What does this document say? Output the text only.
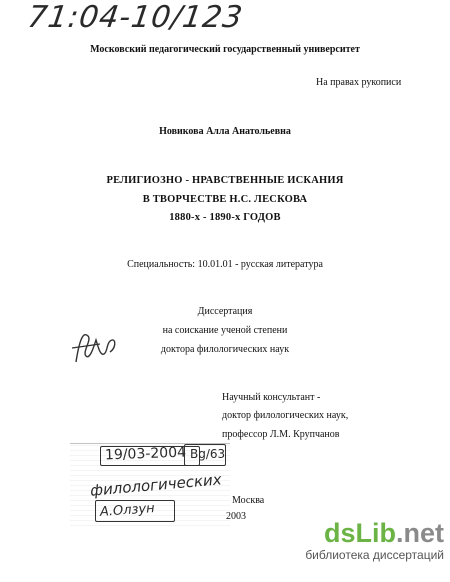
71:04-10/123
Московский педагогический государственный университет
На правах рукописи
Новикова Алла Анатольевна
РЕЛИГИОЗНО - НРАВСТВЕННЫЕ ИСКАНИЯ
В ТВОРЧЕСТВЕ Н.С. ЛЕСКОВА
1880-х - 1890-х ГОДОВ
Специальность: 10.01.01 - русская литература
Диссертация
на соискание ученой степени
доктора филологических наук
Научный консультант -
доктор филологических наук,
профессор Л.М. Крупчанов
19/03-2004 Bg/63
филологических
А.Олзун
Москва
2003
dsLib.net
библиотека диссертаций
